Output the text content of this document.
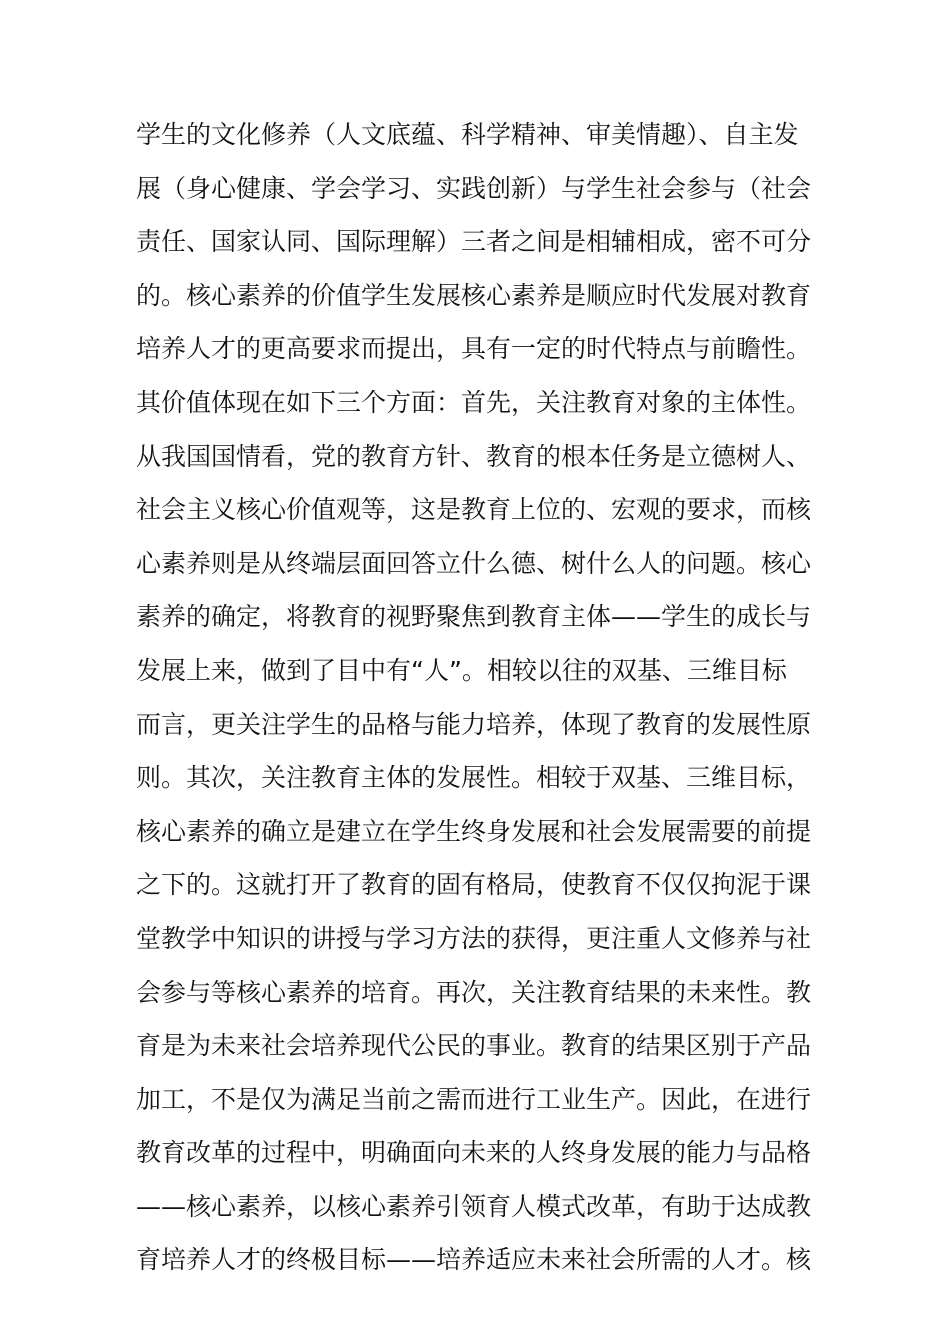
学生的文化修养（人文底蕴、科学精神、审美情趣）、自主发
展（身心健康、学会学习、实践创新）与学生社会参与（社会
责任、国家认同、国际理解）三者之间是相辅相成，密不可分
的。核心素养的价值学生发展核心素养是顺应时代发展对教育
培养人才的更高要求而提出，具有一定的时代特点与前瞻性。
其价值体现在如下三个方面：首先，关注教育对象的主体性。
从我国国情看，党的教育方针、教育的根本任务是立德树人、
社会主义核心价值观等，这是教育上位的、宏观的要求，而核
心素养则是从终端层面回答立什么德、树什么人的问题。核心
素养的确定，将教育的视野聚焦到教育主体——学生的成长与
发展上来，做到了目中有“人”。相较以往的双基、三维目标
而言，更关注学生的品格与能力培养，体现了教育的发展性原
则。其次，关注教育主体的发展性。相较于双基、三维目标，
核心素养的确立是建立在学生终身发展和社会发展需要的前提
之下的。这就打开了教育的固有格局，使教育不仅仅拘泥于课
堂教学中知识的讲授与学习方法的获得，更注重人文修养与社
会参与等核心素养的培育。再次，关注教育结果的未来性。教
育是为未来社会培养现代公民的事业。教育的结果区别于产品
加工，不是仅为满足当前之需而进行工业生产。因此，在进行
教育改革的过程中，明确面向未来的人终身发展的能力与品格
——核心素养，以核心素养引领育人模式改革，有助于达成教
育培养人才的终极目标——培养适应未来社会所需的人才。核
